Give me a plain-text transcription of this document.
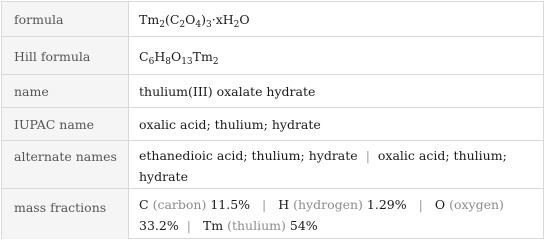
formula	$Tm_2(C_2O_4)_3\cdot xH_2O$
Hill formula	$C_6H_8O_{13}Tm_2$
name	thulium(III) oxalate hydrate
IUPAC name	oxalic acid; thulium; hydrate
alternate names	ethanedioic acid; thulium; hydrate | oxalic acid; thulium;
hydrate
mass fractions	C (carbon) 11.5% | H (hydrogen) 1.29% | O (oxygen)
33.2% | Tm (thulium) 54%
